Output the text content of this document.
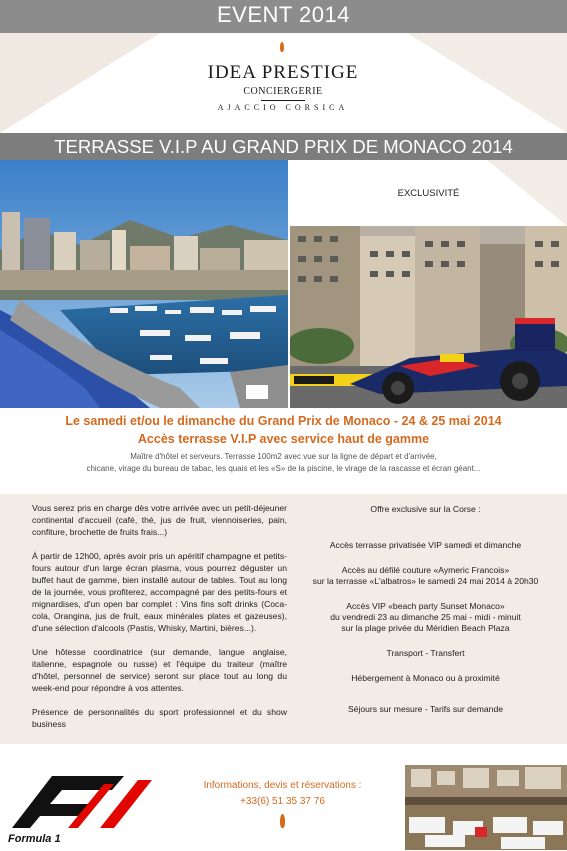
EVENT 2014
IDEA PRESTIGE
CONCIERGERIE
AJACCIO CORSICA
TERRASSE V.I.P AU GRAND PRIX DE MONACO 2014
EXCLUSIVITÉ
Le samedi et/ou le dimanche du Grand Prix de Monaco - 24 & 25 mai 2014
Accès terrasse V.I.P avec service haut de gamme
Maître d'hôtel et serveurs. Terrasse 100m2 avec vue sur la ligne de départ et d'arrivée,
chicane, virage du bureau de tabac, les quais et les «S» de la piscine, le virage de la rascasse et écran géant...

Vous serez pris en charge dès votre arrivée avec un petit-déjeuner continental d'accueil (café, thé, jus de fruit, viennoiseries, pain, confiture, brochette de fruits frais...)

À partir de 12h00, après avoir pris un apéritif champagne et petits-fours autour d'un large écran plasma, vous pourrez déguster un buffet haut de gamme, bien installé autour de tables. Tout au long de la journée, vous profiterez, accompagné par des petits-fours et mignardises, d'un open bar complet : Vins fins soft drinks (Coca-cola, Orangina, jus de fruit, eaux minérales plates et gazeuses), d'une sélection d'alcools (Pastis, Whisky, Martini, bières...).

Une hôtesse coordinatrice (sur demande, langue anglaise, italienne, espagnole ou russe) et l'équipe du traiteur (maître d'hôtel, personnel de service) seront sur place tout au long du week-end pour répondre à vos attentes.

Présence de personnalités du sport professionnel et du show business

Offre exclusive sur la Corse :

Accès terrasse privatisée VIP samedi et dimanche

Accès au défilé couture «Aymeric Francois»

sur la terrasse «L'albatros» le samedi 24 mai 2014 à 20h30

Accès VIP «beach party Sunset Monaco»

du vendredi 23 au dimanche 25 mai - midi - minuit

sur la plage privée du Méridien Beach Plaza

Transport - Transfert

Hébergement à Monaco ou à proximité

Séjours sur mesure - Tarifs sur demande

Formula 1
Informations, devis et réservations :
+33(6) 51 35 37 76
